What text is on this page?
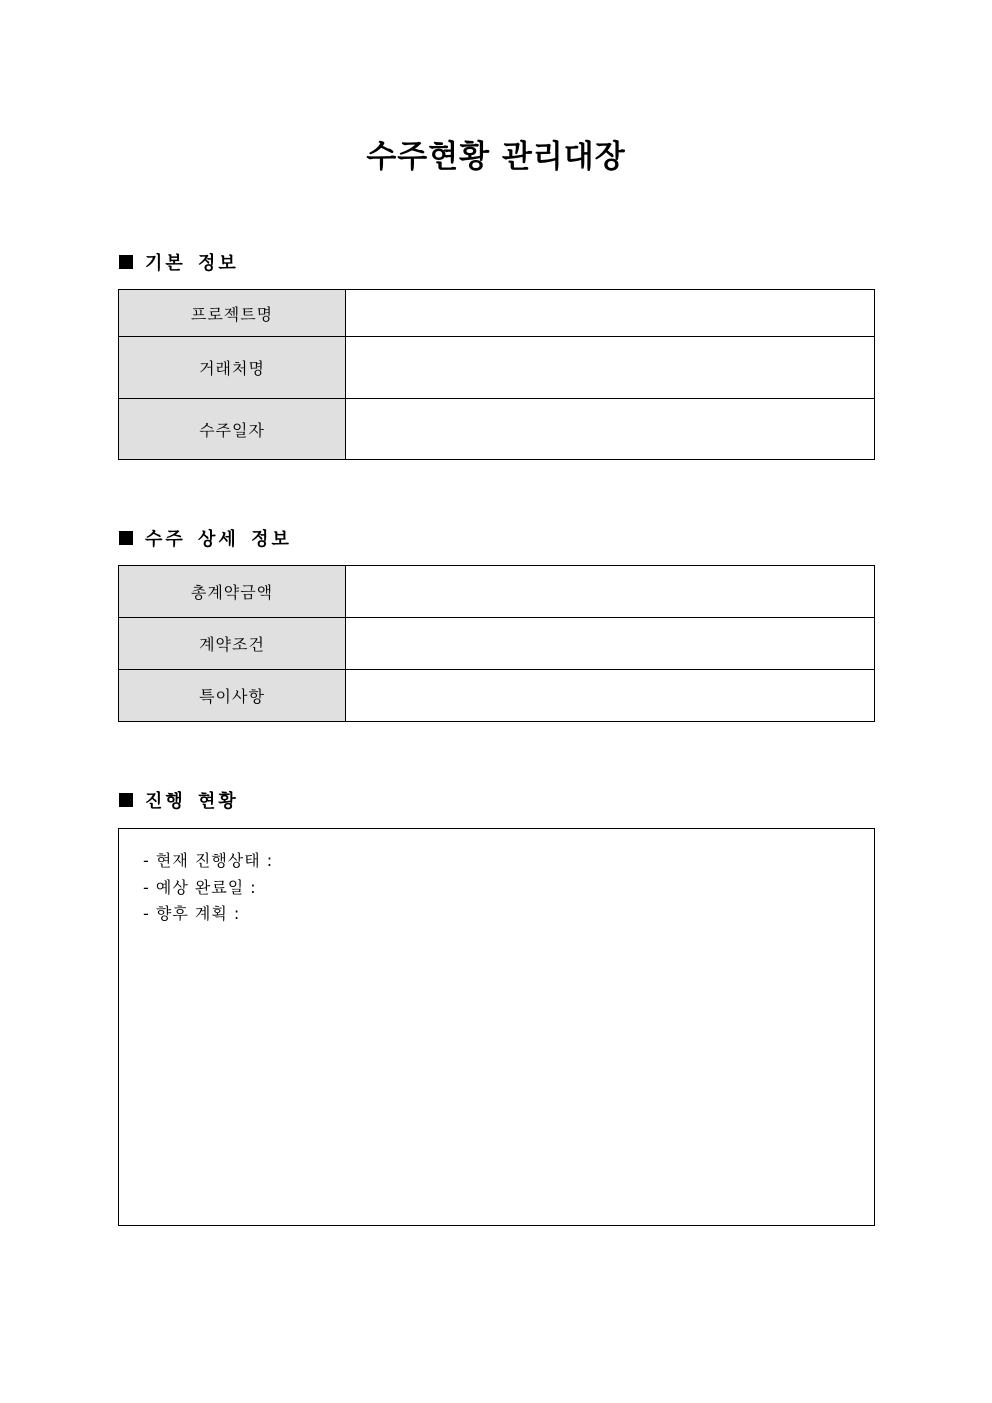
수주현황 관리대장
기본 정보
프로젝트명	
거래처명	
수주일자	
수주 상세 정보
총계약금액	
계약조건	
특이사항	
진행 현황
- 현재 진행상태 :
- 예상 완료일 :
- 향후 계획 :
